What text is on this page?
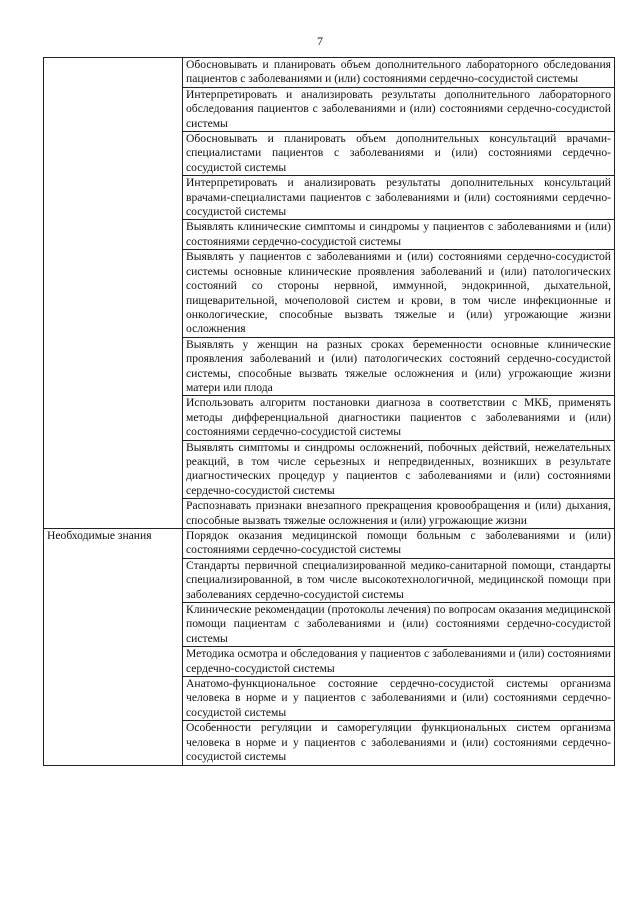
7

	Обосновывать и планировать объем дополнительного лабораторного обследования пациентов с заболеваниями и (или) состояниями сердечно-сосудистой системы

	Интерпретировать и анализировать результаты дополнительного лабораторного обследования пациентов с заболеваниями и (или) состояниями сердечно-сосудистой системы

	Обосновывать и планировать объем дополнительных консультаций врачами-специалистами пациентов с заболеваниями и (или) состояниями сердечно-сосудистой системы

	Интерпретировать и анализировать результаты дополнительных консультаций врачами-специалистами пациентов с заболеваниями и (или) состояниями сердечно-сосудистой системы

	Выявлять клинические симптомы и синдромы у пациентов с заболеваниями и (или) состояниями сердечно-сосудистой системы

	Выявлять у пациентов с заболеваниями и (или) состояниями сердечно-сосудистой системы основные клинические проявления заболеваний и (или) патологических состояний со стороны нервной, иммунной, эндокринной, дыхательной, пищеварительной, мочеполовой систем и крови, в том числе инфекционные и онкологические, способные вызвать тяжелые и (или) угрожающие жизни осложнения

	Выявлять у женщин на разных сроках беременности основные клинические проявления заболеваний и (или) патологических состояний сердечно-сосудистой системы, способные вызвать тяжелые осложнения и (или) угрожающие жизни матери или плода

	Использовать алгоритм постановки диагноза в соответствии с МКБ, применять методы дифференциальной диагностики пациентов с заболеваниями и (или) состояниями сердечно-сосудистой системы

	Выявлять симптомы и синдромы осложнений, побочных действий, нежелательных реакций, в том числе серьезных и непредвиденных, возникших в результате диагностических процедур у пациентов с заболеваниями и (или) состояниями сердечно-сосудистой системы

	Распознавать признаки внезапного прекращения кровообращения и (или) дыхания, способные вызвать тяжелые осложнения и (или) угрожающие жизни

Необходимые знания	Порядок оказания медицинской помощи больным с заболеваниями и (или) состояниями сердечно-сосудистой системы

	Стандарты первичной специализированной медико-санитарной помощи, стандарты специализированной, в том числе высокотехнологичной, медицинской помощи при заболеваниях сердечно-сосудистой системы

	Клинические рекомендации (протоколы лечения) по вопросам оказания медицинской помощи пациентам с заболеваниями и (или) состояниями сердечно-сосудистой системы

	Методика осмотра и обследования у пациентов с заболеваниями и (или) состояниями сердечно-сосудистой системы

	Анатомо-функциональное состояние сердечно-сосудистой системы организма человека в норме и у пациентов с заболеваниями и (или) состояниями сердечно-сосудистой системы

	Особенности регуляции и саморегуляции функциональных систем организма человека в норме и у пациентов с заболеваниями и (или) состояниями сердечно-сосудистой системы
